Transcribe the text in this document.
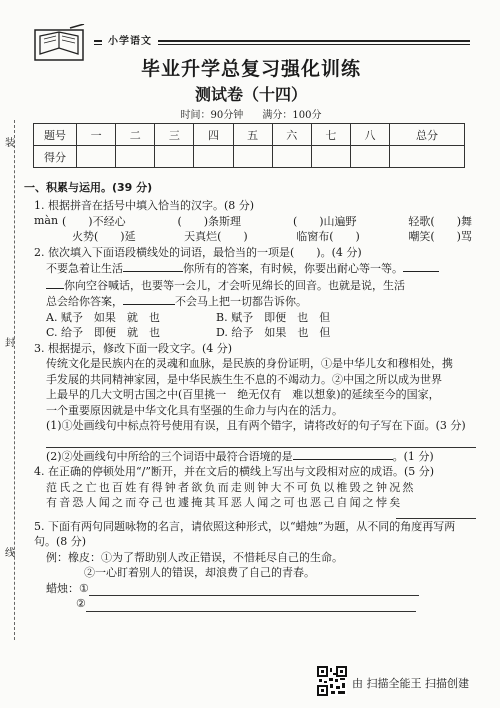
装
封
线
小学语文
毕业升学总复习强化训练
测试卷（十四）
时间：90分钟 满分：100分
题号	一	二	三	四	五	六	七	八	总分
得分									
一、积累与运用。(39 分)
1. 根据拼音在括号中填入恰当的汉字。(8 分)
màn (　　)不经心	(　　)条斯理	(　　)山遍野	轻歌(　　)舞
火势(　　)延	天真烂(　　)	临窗布(　　)	嘲笑(　　)骂
2. 依次填入下面语段横线处的词语，最恰当的一项是(　　)。(4 分)
不要急着让生活	你所有的答案，有时候，你要出耐心等一等。
你向空谷喊话，也要等一会儿，才会听见绵长的回音。也就是说，生活
总会给你答案，	不会马上把一切都告诉你。
A. 赋予　如果　就　也	B. 赋予　即便　也　但
C. 给予　即便　就　也	D. 给予　如果　也　但
3. 根据提示，修改下面一段文字。(4 分)
传统文化是民族内在的灵魂和血脉，是民族的身份证明，①是中华儿女和穆相处，携
手发展的共同精神家园，是中华民族生生不息的不竭动力。②中国之所以成为世界
上最早的几大文明古国之中(百里挑一　绝无仅有　难以想象)的延续至今的国家，
一个重要原因就是中华文化具有坚强的生命力与内在的活力。
(1)①处画线句中标点符号使用有误，且有两个错字，请将改好的句子写在下面。(3 分)
(2)②处画线句中所给的三个词语中最符合语境的是	。(1 分)
4. 在正确的停顿处用“/”断开，并在文后的横线上写出与文段相对应的成语。(5 分)
范氏之亡也百姓有得钟者欲负而走则钟大不可负以椎毁之钟况然
有音恐人闻之而夺己也遽掩其耳恶人闻之可也恶己自闻之悖矣
5. 下面有两句同题咏物的名言，请依照这种形式，以“蜡烛”为题，从不同的角度再写两
句。(8 分)
例：橡皮：①为了帮助别人改正错误，不惜耗尽自己的生命。
②一心盯着别人的错误，却浪费了自己的青春。
蜡烛： ①
②
由 扫描全能王 扫描创建
